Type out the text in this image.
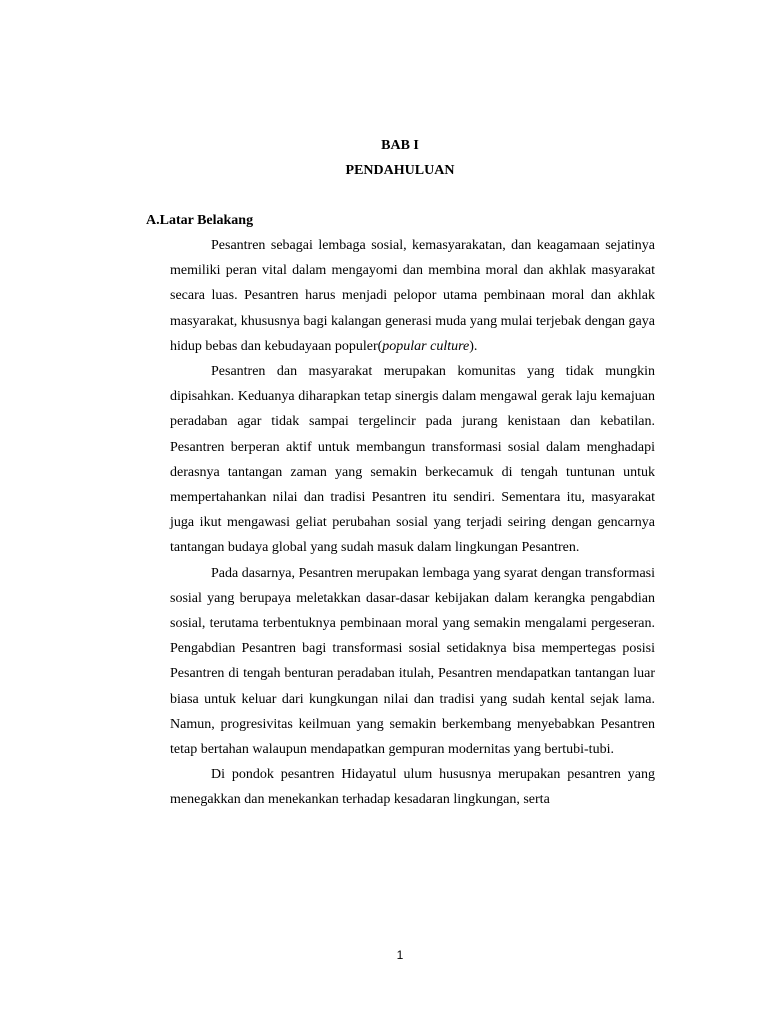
BAB I
PENDAHULUAN
A.Latar Belakang

Pesantren sebagai lembaga sosial, kemasyarakatan, dan keagamaan sejatinya memiliki peran vital dalam mengayomi dan membina moral dan akhlak masyarakat secara luas. Pesantren harus menjadi pelopor utama pembinaan moral dan akhlak masyarakat, khususnya bagi kalangan generasi muda yang mulai terjebak dengan gaya hidup bebas dan kebudayaan populer(popular culture).

Pesantren dan masyarakat merupakan komunitas yang tidak mungkin dipisahkan. Keduanya diharapkan tetap sinergis dalam mengawal gerak laju kemajuan peradaban agar tidak sampai tergelincir pada jurang kenistaan dan kebatilan. Pesantren berperan aktif untuk membangun transformasi sosial dalam menghadapi derasnya tantangan zaman yang semakin berkecamuk di tengah tuntunan untuk mempertahankan nilai dan tradisi Pesantren itu sendiri. Sementara itu, masyarakat juga ikut mengawasi geliat perubahan sosial yang terjadi seiring dengan gencarnya tantangan budaya global yang sudah masuk dalam lingkungan Pesantren.

Pada dasarnya, Pesantren merupakan lembaga yang syarat dengan transformasi sosial yang berupaya meletakkan dasar-dasar kebijakan dalam kerangka pengabdian sosial, terutama terbentuknya pembinaan moral yang semakin mengalami pergeseran. Pengabdian Pesantren bagi transformasi sosial setidaknya bisa mempertegas posisi Pesantren di tengah benturan peradaban itulah, Pesantren mendapatkan tantangan luar biasa untuk keluar dari kungkungan nilai dan tradisi yang sudah kental sejak lama. Namun, progresivitas keilmuan yang semakin berkembang menyebabkan Pesantren tetap bertahan walaupun mendapatkan gempuran modernitas yang bertubi-tubi.

Di pondok pesantren Hidayatul ulum hususnya merupakan pesantren yang menegakkan dan menekankan terhadap kesadaran lingkungan, serta

1
